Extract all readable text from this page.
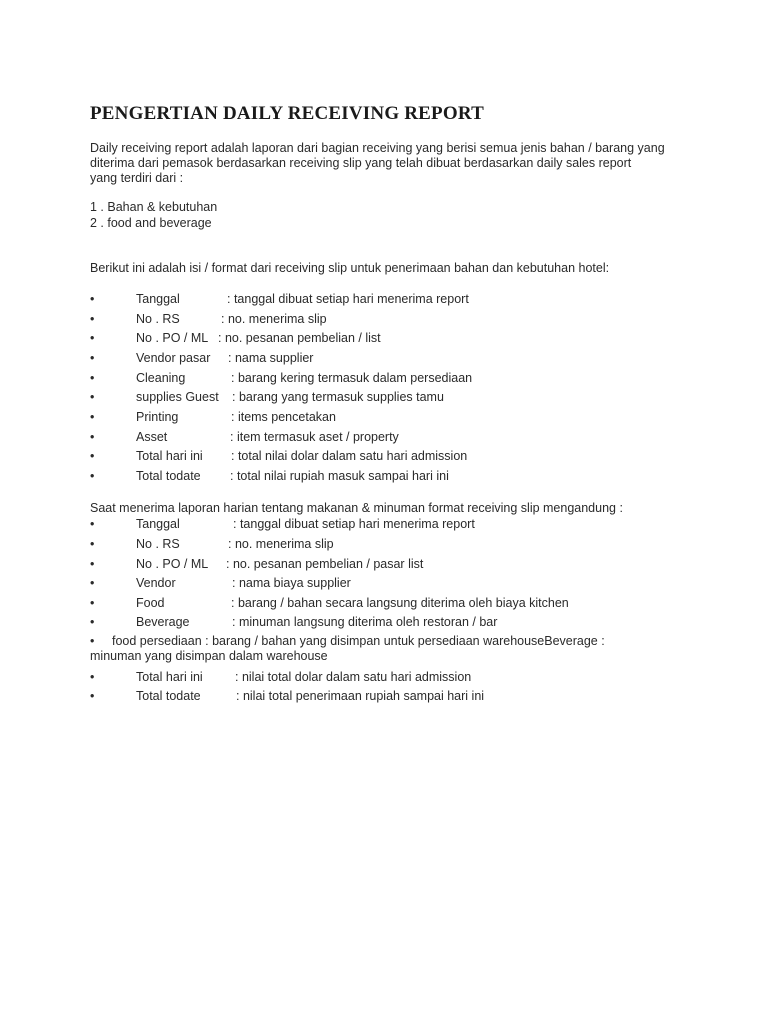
PENGERTIAN DAILY RECEIVING REPORT
Daily receiving report adalah laporan dari bagian receiving yang berisi semua jenis bahan / barang yang
diterima dari pemasok berdasarkan receiving slip yang telah dibuat berdasarkan daily sales report
yang terdiri dari :
1 . Bahan & kebutuhan
2 . food and beverage
Berikut ini adalah isi / format dari receiving slip untuk penerimaan bahan dan kebutuhan hotel:
•	Tanggal	: tanggal dibuat setiap hari menerima report
•	No . RS	: no. menerima slip
•	No . PO / ML : no. pesanan pembelian / list
•	Vendor pasar : nama supplier
•	Cleaning	: barang kering termasuk dalam persediaan
•	supplies Guest : barang yang termasuk supplies tamu
•	Printing	: items pencetakan
•	Asset	: item termasuk aset / property
•	Total hari ini : total nilai dolar dalam satu hari admission
•	Total todate : total nilai rupiah masuk sampai hari ini
Saat menerima laporan harian tentang makanan & minuman format receiving slip mengandung :
•	Tanggal	: tanggal dibuat setiap hari menerima report
•	No . RS	: no. menerima slip
•	No . PO / ML : no. pesanan pembelian / pasar list
•	Vendor	: nama biaya supplier
•	Food	: barang / bahan secara langsung diterima oleh biaya kitchen
•	Beverage	: minuman langsung diterima oleh restoran / bar
• food persediaan : barang / bahan yang disimpan untuk persediaan warehouseBeverage :
minuman yang disimpan dalam warehouse
•	Total hari ini	: nilai total dolar dalam satu hari admission
•	Total todate	: nilai total penerimaan rupiah sampai hari ini
